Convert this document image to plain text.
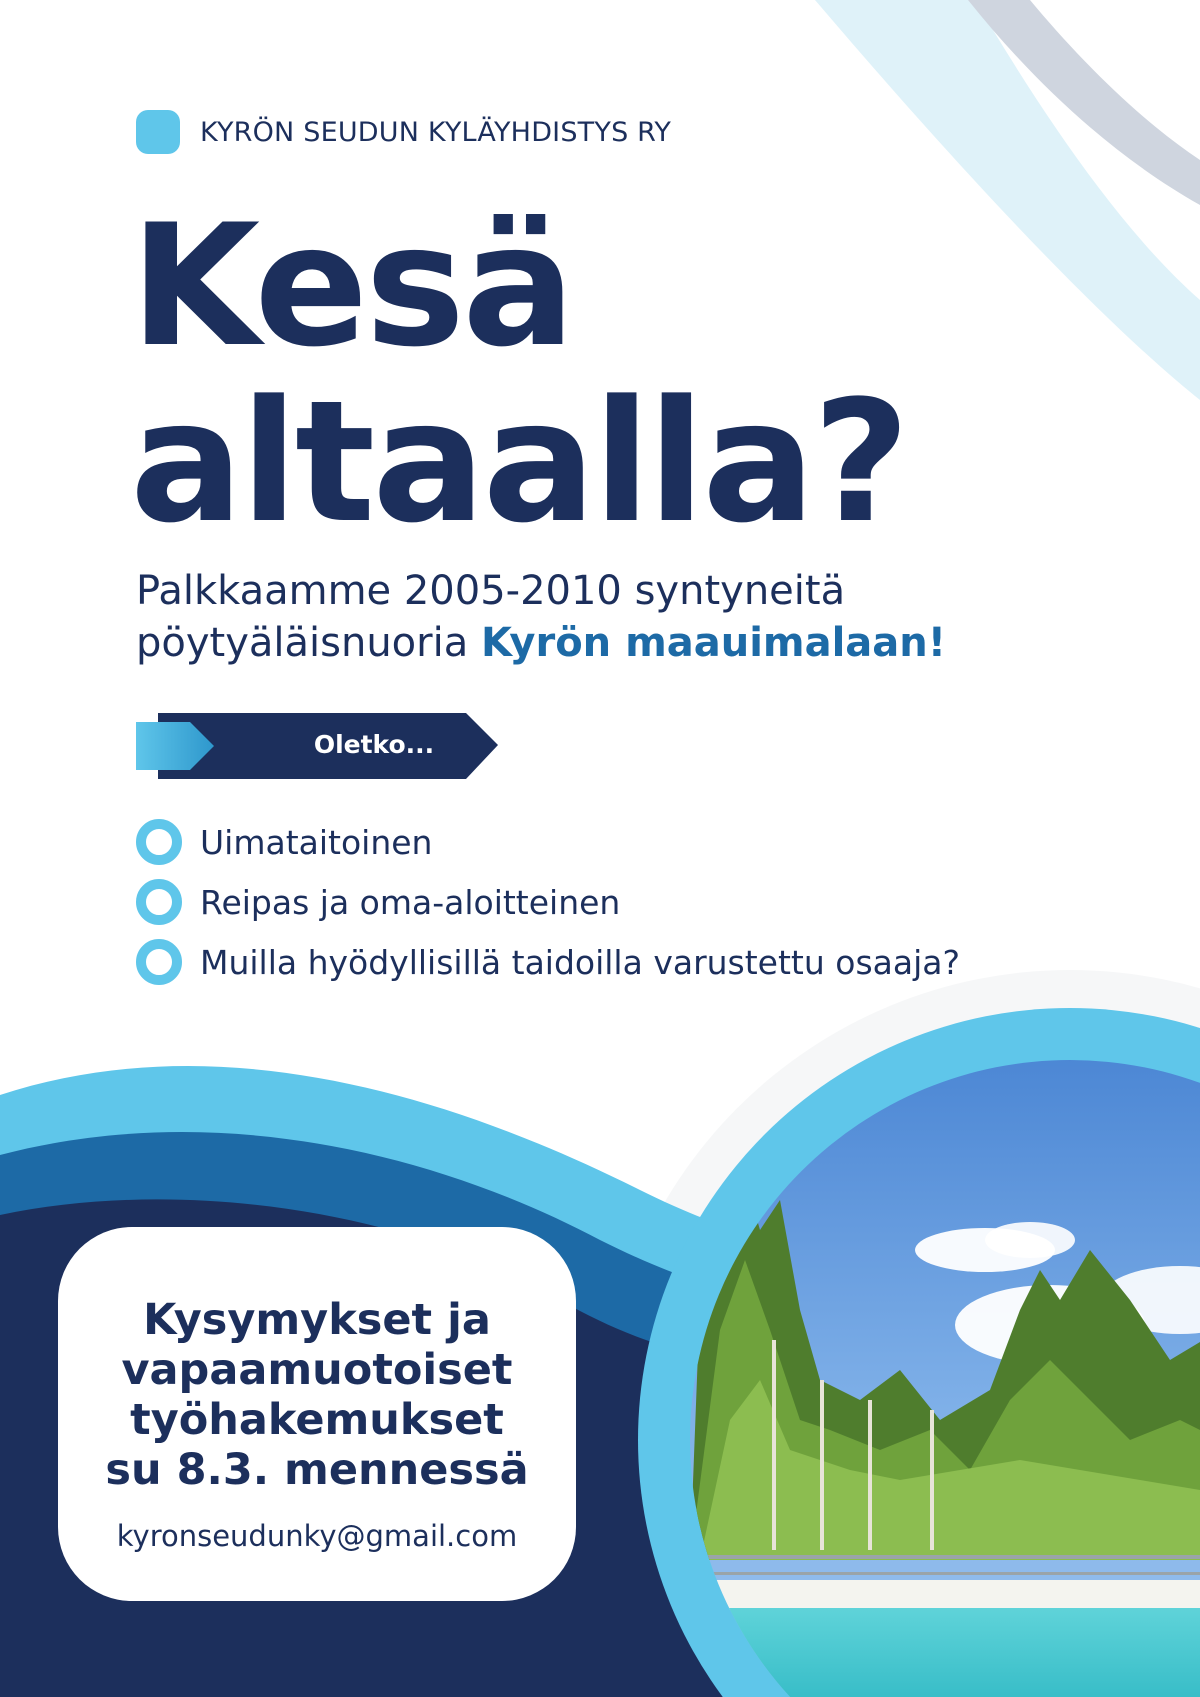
KYRÖN SEUDUN KYLÄYHDISTYS RY
Kesä
altaalla?
Palkkaamme 2005-2010 syntyneitä
pöytyäläisnuoria Kyrön maauimalaan!
Oletko...
Uimataitoinen
Reipas ja oma-aloitteinen
Muilla hyödyllisillä taidoilla varustettu osaaja?
Kysymykset ja
vapaamuotoiset
työhakemukset
su 8.3. mennessä
kyronseudunky@gmail.com
